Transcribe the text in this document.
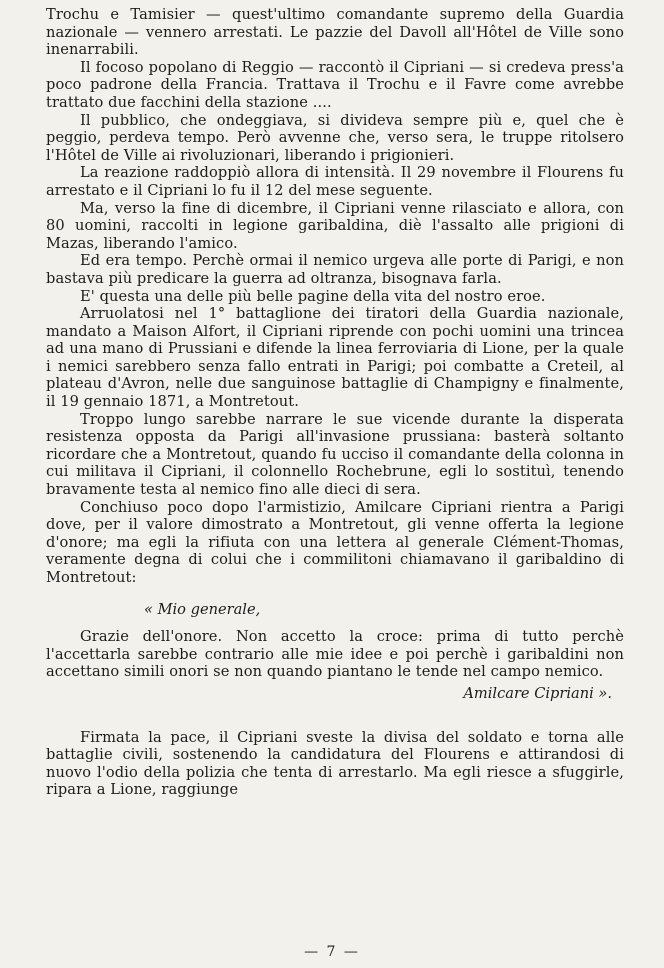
Trochu e Tamisier — quest'ultimo comandante supremo della Guardia nazionale — vennero arrestati. Le pazzie del Davoll all'Hôtel de Ville sono inenarrabili.

Il focoso popolano di Reggio — raccontò il Cipriani — si credeva press'a poco padrone della Francia. Trattava il Trochu e il Favre come avrebbe trattato due facchini della stazione ....

Il pubblico, che ondeggiava, si divideva sempre più e, quel che è peggio, perdeva tempo. Però avvenne che, verso sera, le truppe ritolsero l'Hôtel de Ville ai rivoluzionari, liberando i prigionieri.

La reazione raddoppiò allora di intensità. Il 29 novembre il Flourens fu arrestato e il Cipriani lo fu il 12 del mese seguente.

Ma, verso la fine di dicembre, il Cipriani venne rilasciato e allora, con 80 uomini, raccolti in legione garibaldina, diè l'assalto alle prigioni di Mazas, liberando l'amico.

Ed era tempo. Perchè ormai il nemico urgeva alle porte di Parigi, e non bastava più predicare la guerra ad oltranza, bisognava farla.

E' questa una delle più belle pagine della vita del nostro eroe.

Arruolatosi nel 1° battaglione dei tiratori della Guardia nazionale, mandato a Maison Alfort, il Cipriani riprende con pochi uomini una trincea ad una mano di Prussiani e difende la linea ferroviaria di Lione, per la quale i nemici sarebbero senza fallo entrati in Parigi; poi combatte a Creteil, al plateau d'Avron, nelle due sanguinose battaglie di Champigny e finalmente, il 19 gennaio 1871, a Montretout.

Troppo lungo sarebbe narrare le sue vicende durante la disperata resistenza opposta da Parigi all'invasione prussiana: basterà soltanto ricordare che a Montretout, quando fu ucciso il comandante della colonna in cui militava il Cipriani, il colonnello Rochebrune, egli lo sostituì, tenendo bravamente testa al nemico fino alle dieci di sera.

Conchiuso poco dopo l'armistizio, Amilcare Cipriani rientra a Parigi dove, per il valore dimostrato a Montretout, gli venne offerta la legione d'onore; ma egli la rifiuta con una lettera al generale Clément-Thomas, veramente degna di colui che i commilitoni chiamavano il garibaldino di Montretout:

« Mio generale,

Grazie dell'onore. Non accetto la croce: prima di tutto perchè l'accettarla sarebbe contrario alle mie idee e poi perchè i garibaldini non accettano simili onori se non quando piantano le tende nel campo nemico.

Amilcare Cipriani ».

Firmata la pace, il Cipriani sveste la divisa del soldato e torna alle battaglie civili, sostenendo la candidatura del Flourens e attirandosi di nuovo l'odio della polizia che tenta di arrestarlo. Ma egli riesce a sfuggirle, ripara a Lione, raggiunge

— 7 —
